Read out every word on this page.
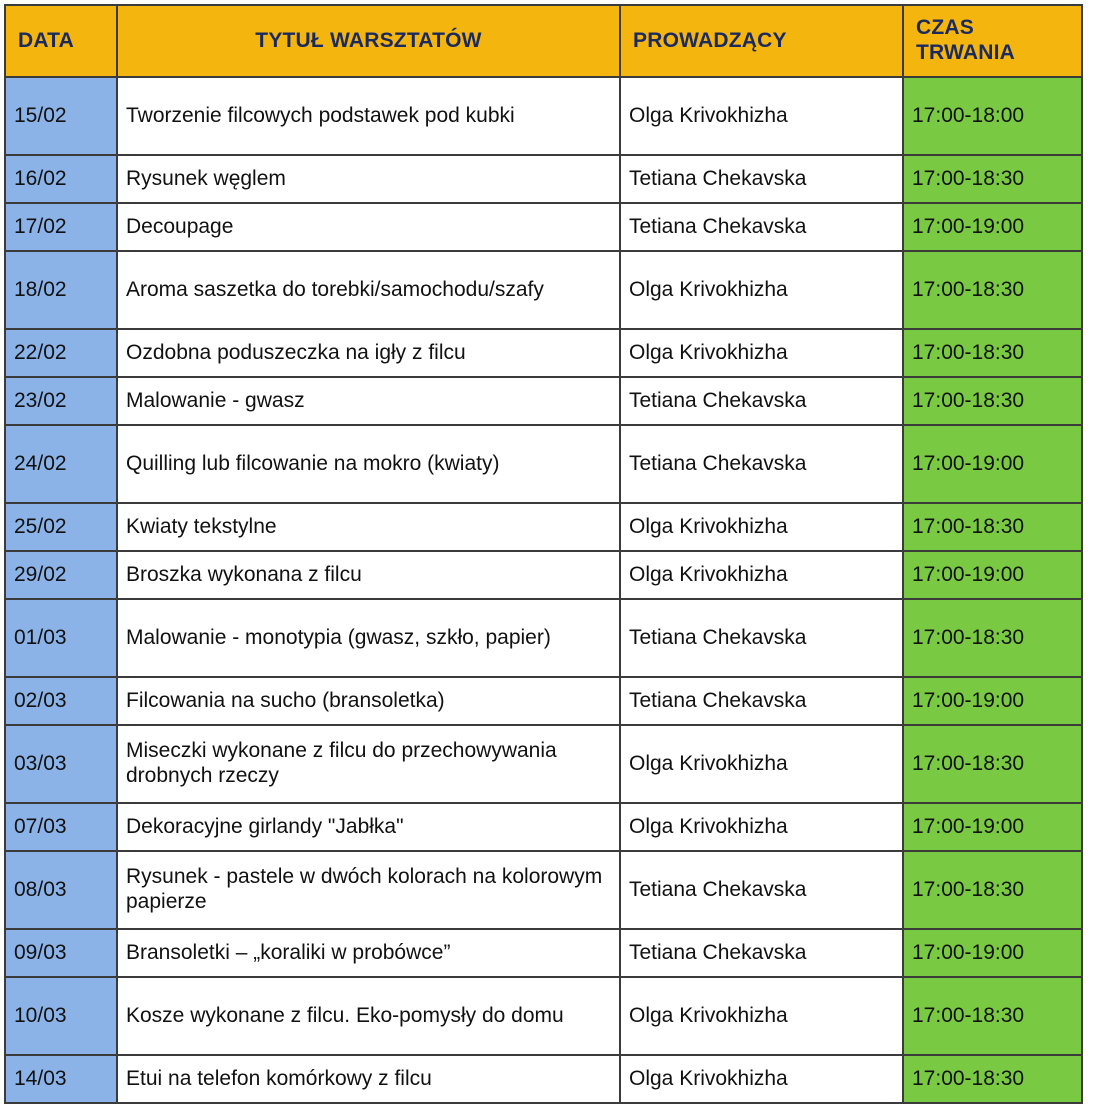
DATA	TYTUŁ WARSZTATÓW	PROWADZĄCY	CZAS TRWANIA
15/02	Tworzenie filcowych podstawek pod kubki	Olga Krivokhizha	17:00-18:00
16/02	Rysunek węglem	Tetiana Chekavska	17:00-18:30
17/02	Decoupage	Tetiana Chekavska	17:00-19:00
18/02	Aroma saszetka do torebki/samochodu/szafy	Olga Krivokhizha	17:00-18:30
22/02	Ozdobna poduszeczka na igły z filcu	Olga Krivokhizha	17:00-18:30
23/02	Malowanie - gwasz	Tetiana Chekavska	17:00-18:30
24/02	Quilling lub filcowanie na mokro (kwiaty)	Tetiana Chekavska	17:00-19:00
25/02	Kwiaty tekstylne	Olga Krivokhizha	17:00-18:30
29/02	Broszka wykonana z filcu	Olga Krivokhizha	17:00-19:00
01/03	Malowanie - monotypia (gwasz, szkło, papier)	Tetiana Chekavska	17:00-18:30
02/03	Filcowania na sucho (bransoletka)	Tetiana Chekavska	17:00-19:00
03/03	Miseczki wykonane z filcu do przechowywania drobnych rzeczy	Olga Krivokhizha	17:00-18:30
07/03	Dekoracyjne girlandy "Jabłka"	Olga Krivokhizha	17:00-19:00
08/03	Rysunek - pastele w dwóch kolorach na kolorowym papierze	Tetiana Chekavska	17:00-18:30
09/03	Bransoletki – „koraliki w probówce”	Tetiana Chekavska	17:00-19:00
10/03	Kosze wykonane z filcu. Eko-pomysły do domu	Olga Krivokhizha	17:00-18:30
14/03	Etui na telefon komórkowy z filcu	Olga Krivokhizha	17:00-18:30
